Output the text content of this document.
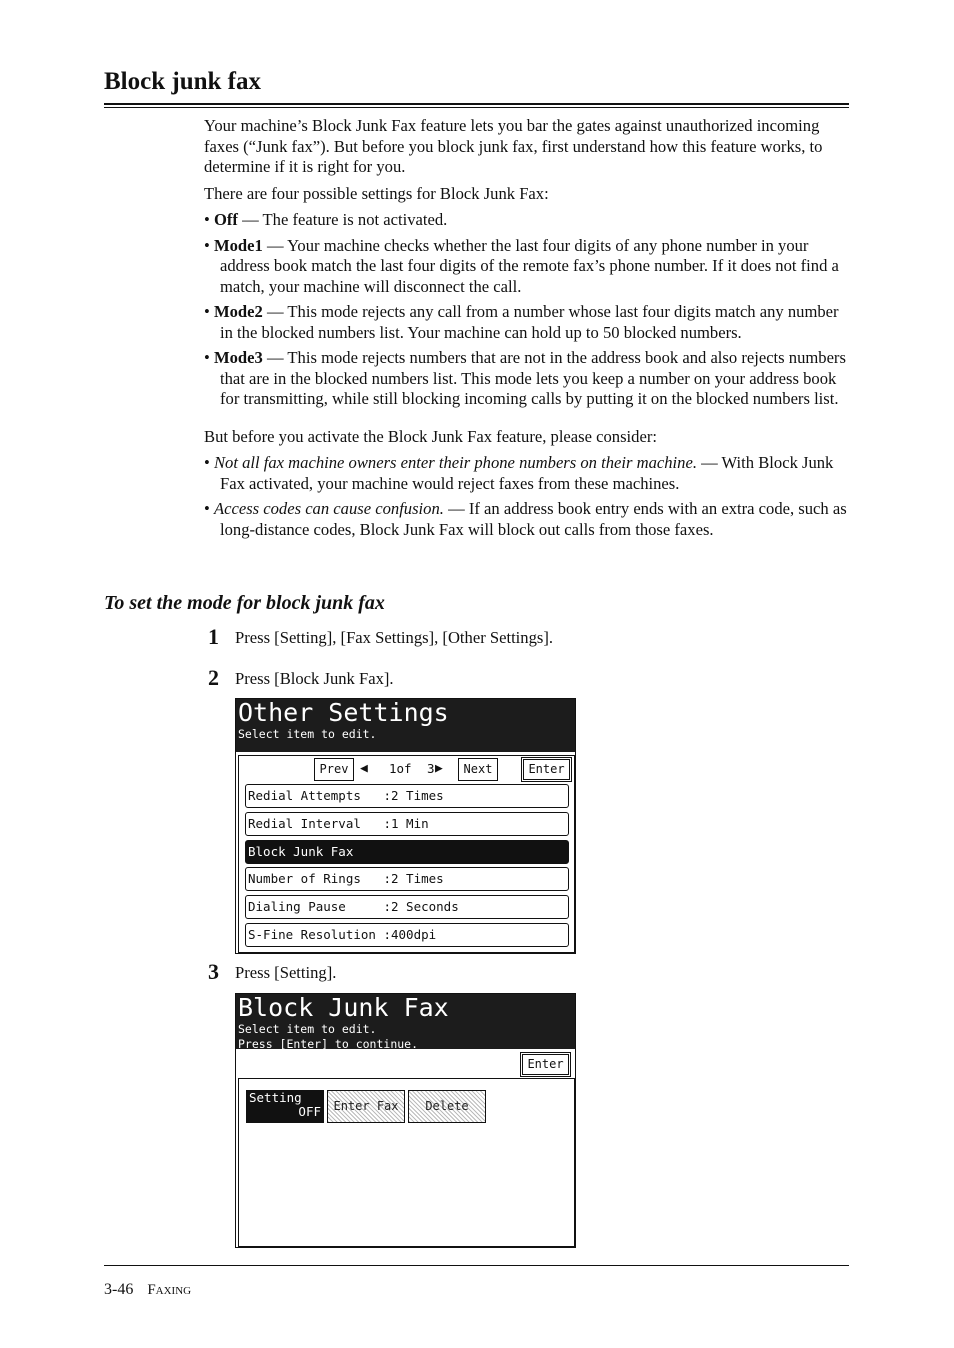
Block junk fax

Your machine’s Block Junk Fax feature lets you bar the gates against unauthorized incoming faxes (“Junk fax”). But before you block junk fax, first understand how this feature works, to determine if it is right for you.

There are four possible settings for Block Junk Fax:

• Off — The feature is not activated.
• Mode1 — Your machine checks whether the last four digits of any phone number in your address book match the last four digits of the remote fax’s phone number. If it does not find a match, your machine will disconnect the call.
• Mode2 — This mode rejects any call from a number whose last four digits match any number in the blocked numbers list. Your machine can hold up to 50 blocked numbers.
• Mode3 — This mode rejects numbers that are not in the address book and also rejects numbers that are in the blocked numbers list. This mode lets you keep a number on your address book for transmitting, while still blocking incoming calls by putting it on the blocked numbers list.

But before you activate the Block Junk Fax feature, please consider:

• Not all fax machine owners enter their phone numbers on their machine. — With Block Junk Fax activated, your machine would reject faxes from these machines.
• Access codes can cause confusion. — If an address book entry ends with an extra code, such as long-distance codes, Block Junk Fax will block out calls from those faxes.
To set the mode for block junk fax
1 Press [Setting], [Fax Settings], [Other Settings].
2 Press [Block Junk Fax].
Other Settings
Select item to edit.
Prev ◀ 1of 3 ▶	Next	Enter
Redial Attempts   :2 Times
Redial Interval   :1 Min
Block Junk Fax
Number of Rings   :2 Times
Dialing Pause     :2 Seconds
S-Fine Resolution :400dpi
3 Press [Setting].
Block Junk Fax
Select item to edit.
Press [Enter] to continue.
Enter
Setting
OFF	Enter Fax	Delete
3-46 Faxing
